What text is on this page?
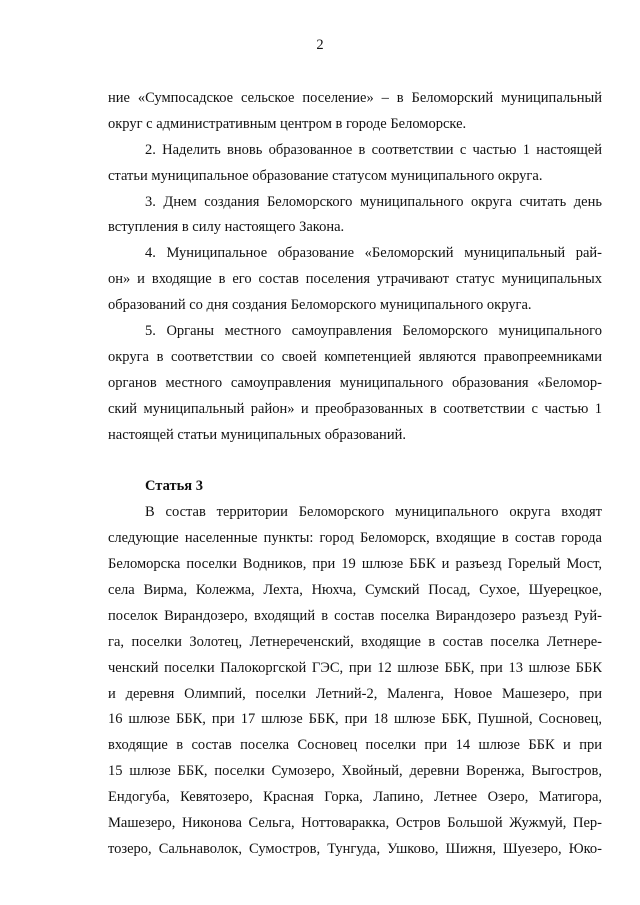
2
ние «Сумпосадское сельское поселение» – в Беломорский муниципальный
округ с административным центром в городе Беломорске.
2. Наделить вновь образованное в соответствии с частью 1 настоящей
статьи муниципальное образование статусом муниципального округа.
3. Днем создания Беломорского муниципального округа считать день
вступления в силу настоящего Закона.
4. Муниципальное образование «Беломорский муниципальный рай-
он» и входящие в его состав поселения утрачивают статус муниципальных
образований со дня создания Беломорского муниципального округа.
5. Органы местного самоуправления Беломорского муниципального
округа в соответствии со своей компетенцией являются правопреемниками
органов местного самоуправления муниципального образования «Беломор-
ский муниципальный район» и преобразованных в соответствии с частью 1
настоящей статьи муниципальных образований.
Статья 3
В состав территории Беломорского муниципального округа входят
следующие населенные пункты: город Беломорск, входящие в состав города
Беломорска поселки Водников, при 19 шлюзе ББК и разъезд Горелый Мост,
села Вирма, Колежма, Лехта, Нюхча, Сумский Посад, Сухое, Шуерецкое,
поселок Вирандозеро, входящий в состав поселка Вирандозеро разъезд Руй-
га, поселки Золотец, Летнереченский, входящие в состав поселка Летнере-
ченский поселки Палокоргской ГЭС, при 12 шлюзе ББК, при 13 шлюзе ББК
и деревня Олимпий, поселки Летний-2, Маленга, Новое Машезеро, при
16 шлюзе ББК, при 17 шлюзе ББК, при 18 шлюзе ББК, Пушной, Сосновец,
входящие в состав поселка Сосновец поселки при 14 шлюзе ББК и при
15 шлюзе ББК, поселки Сумозеро, Хвойный, деревни Воренжа, Выгостров,
Ендогуба, Кевятозеро, Красная Горка, Лапино, Летнее Озеро, Матигора,
Машезеро, Никонова Сельга, Ноттоваракка, Остров Большой Жужмуй, Пер-
тозеро, Сальнаволок, Сумостров, Тунгуда, Ушково, Шижня, Шуезеро, Юко-
